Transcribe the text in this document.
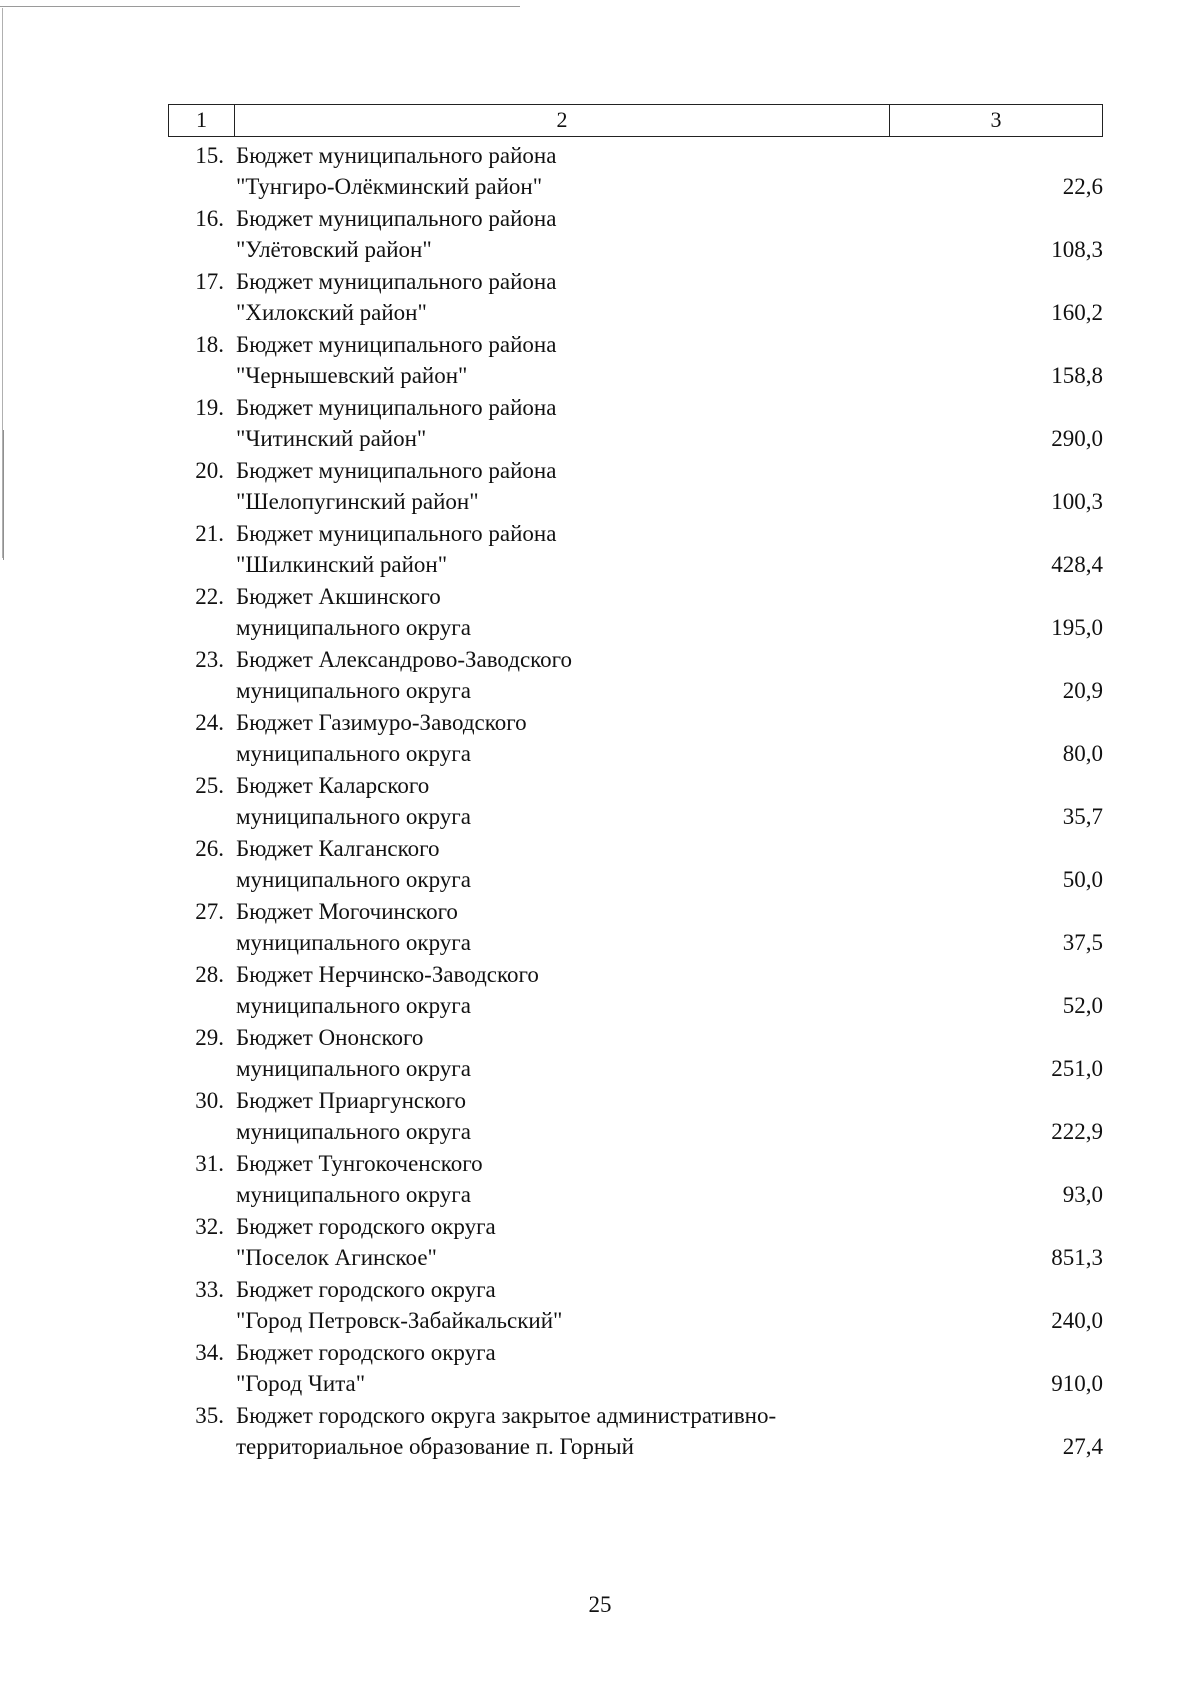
1	2	3
15. Бюджет муниципального района
"Тунгиро-Олёкминский район"	22,6
16. Бюджет муниципального района
"Улётовский район"	108,3
17. Бюджет муниципального района
"Хилокский район"	160,2
18. Бюджет муниципального района
"Чернышевский район"	158,8
19. Бюджет муниципального района
"Читинский район"	290,0
20. Бюджет муниципального района
"Шелопугинский район"	100,3
21. Бюджет муниципального района
"Шилкинский район"	428,4
22. Бюджет Акшинского
муниципального округа	195,0
23. Бюджет Александрово-Заводского
муниципального округа	20,9
24. Бюджет Газимуро-Заводского
муниципального округа	80,0
25. Бюджет Каларского
муниципального округа	35,7
26. Бюджет Калганского
муниципального округа	50,0
27. Бюджет Могочинского
муниципального округа	37,5
28. Бюджет Нерчинско-Заводского
муниципального округа	52,0
29. Бюджет Ононского
муниципального округа	251,0
30. Бюджет Приаргунского
муниципального округа	222,9
31. Бюджет Тунгокоченского
муниципального округа	93,0
32. Бюджет городского округа
"Поселок Агинское"	851,3
33. Бюджет городского округа
"Город Петровск-Забайкальский"	240,0
34. Бюджет городского округа
"Город Чита"	910,0
35. Бюджет городского округа закрытое административно-
территориальное образование п. Горный	27,4
25
